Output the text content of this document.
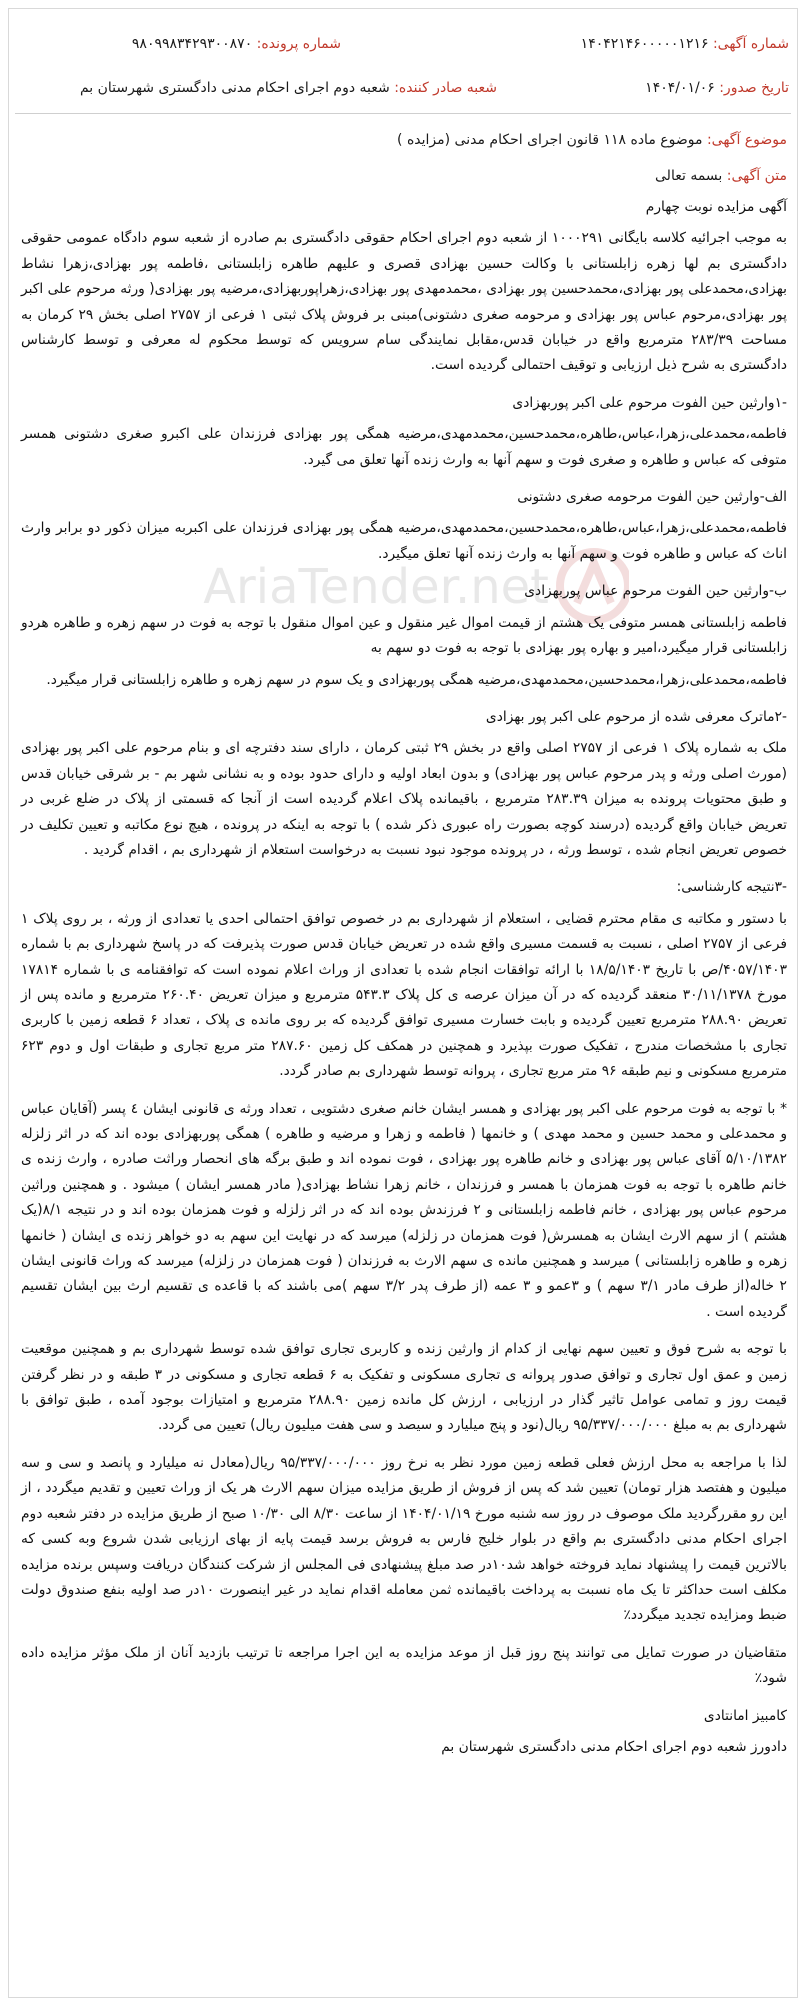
شماره آگهی: ۱۴۰۴۲۱۴۶۰۰۰۰۰۱۲۱۶
شماره پرونده: ۹۸۰۹۹۸۳۴۲۹۳۰۰۸۷۰
تاریخ صدور: ۱۴۰۴/۰۱/۰۶
شعبه صادر کننده: شعبه دوم اجرای احکام مدنی دادگستری شهرستان بم
موضوع آگهی: موضوع ماده ۱۱۸ قانون اجرای احکام مدنی (مزایده )
متن آگهی: بسمه تعالی
AriaTender.net

آگهی مزایده نوبت چهارم

به موجب اجرائیه کلاسه بایگانی ۱۰۰۰۲۹۱ از شعبه دوم اجرای احکام حقوقی دادگستری بم صادره از شعبه سوم دادگاه عمومی حقوقی دادگستری بم لها زهره زابلستانی با وکالت حسین بهزادی قصری و علیهم طاهره زابلستانی ،فاطمه پور بهزادی،زهرا نشاط بهزادی،محمدعلی پور بهزادی،محمدحسین پور بهزادی ،محمدمهدی پور بهزادی،زهراپوربهزادی،مرضیه پور بهزادی( ورثه مرحوم علی اکبر پور بهزادی،مرحوم عباس پور بهزادی و مرحومه صغری دشتونی)مبنی بر فروش پلاک ثبتی ۱ فرعی از ۲۷۵۷ اصلی بخش ۲۹ کرمان به مساحت ۲۸۳/۳۹ مترمربع واقع در خیابان قدس،مقابل نمایندگی سام سرویس که توسط محکوم له معرفی و توسط کارشناس دادگستری به شرح ذیل ارزیابی و توقیف احتمالی گردیده است.

-۱وارثین حین الفوت مرحوم علی اکبر پوربهزادی

فاطمه،محمدعلی،زهرا،عباس،طاهره،محمدحسین،محمدمهدی،مرضیه همگی پور بهزادی فرزندان علی اکبرو صغری دشتونی همسر متوفی که عباس و طاهره و صغری فوت و سهم آنها به وارث زنده آنها تعلق می گیرد.

الف-وارثین حین الفوت مرحومه صغری دشتونی

فاطمه،محمدعلی،زهرا،عباس،طاهره،محمدحسین،محمدمهدی،مرضیه همگی پور بهزادی فرزندان علی اکبربه میزان ذکور دو برابر وارث اناث که عباس و طاهره فوت و سهم آنها به وارث زنده آنها تعلق میگیرد.

ب-وارثین حین الفوت مرحوم عباس پوربهزادی

فاطمه زابلستانی همسر متوفی یک هشتم از قیمت اموال غیر منقول و عین اموال منقول با توجه به فوت در سهم زهره و طاهره هردو زابلستانی قرار میگیرد،امیر و بهاره پور بهزادی با توجه به فوت دو سهم به

فاطمه،محمدعلی،زهرا،محمدحسین،محمدمهدی،مرضیه همگی پوربهزادی و یک سوم در سهم زهره و طاهره زابلستانی قرار میگیرد.

-۲ماترک معرفی شده از مرحوم علی اکبر پور بهزادی

ملک به شماره پلاک ۱ فرعی از ۲۷۵۷ اصلی واقع در بخش ۲۹ ثبتی کرمان ، دارای سند دفترچه ای و بنام مرحوم علی اکبر پور بهزادی (مورث اصلی ورثه و پدر مرحوم عباس پور بهزادی) و بدون ابعاد اولیه و دارای حدود بوده و به نشانی شهر بم - بر شرقی خیابان قدس و طبق محتویات پرونده به میزان ۲۸۳.۳۹ مترمربع ، باقیمانده پلاک اعلام گردیده است از آنجا که قسمتی از پلاک در ضلع غربی در تعریض خیابان واقع گردیده (درسند کوچه بصورت راه عبوری ذکر شده ) با توجه به اینکه در پرونده ، هیچ نوع مکاتبه و تعیین تکلیف در خصوص تعریض انجام شده ، توسط ورثه ، در پرونده موجود نبود نسبت به درخواست استعلام از شهرداری بم ، اقدام گردید .

-۳نتیجه کارشناسی:

با دستور و مکاتبه ی مقام محترم قضایی ، استعلام از شهرداری بم در خصوص توافق احتمالی احدی یا تعدادی از ورثه ، بر روی پلاک ۱ فرعی از ۲۷۵۷ اصلی ، نسبت به قسمت مسیری واقع شده در تعریض خیابان قدس صورت پذیرفت که در پاسخ شهرداری بم با شماره ۴۰۵۷/۱۴۰۳/ص با تاریخ ۱۸/۵/۱۴۰۳ با ارائه توافقات انجام شده با تعدادی از وراث اعلام نموده است که توافقنامه ی با شماره ۱۷۸۱۴ مورخ ۳۰/۱۱/۱۳۷۸ منعقد گردیده که در آن میزان عرصه ی کل پلاک ۵۴۳.۳ مترمربع و میزان تعریض ۲۶۰.۴۰ مترمربع و مانده پس از تعریض ۲۸۸.۹۰ مترمربع تعیین گردیده و بابت خسارت مسیری توافق گردیده که بر روی مانده ی پلاک ، تعداد ۶ قطعه زمین با کاربری تجاری با مشخصات مندرج ، تفکیک صورت بپذیرد و همچنین در همکف کل زمین ۲۸۷.۶۰ متر مربع تجاری و طبقات اول و دوم ۶۲۳ مترمربع مسکونی و نیم طبقه ۹۶ متر مربع تجاری ، پروانه توسط شهرداری بم صادر گردد.

* با توجه به فوت مرحوم علی اکبر پور بهزادی و همسر ایشان خانم صغری دشتویی ، تعداد ورثه ی قانونی ایشان ٤ پسر (آقایان عباس و محمدعلی و محمد حسین و محمد مهدی ) و خانمها ( فاطمه و زهرا و مرضیه و طاهره ) همگی پوربهزادی بوده اند که در اثر زلزله ۵/۱۰/۱۳۸۲ آقای عباس پور بهزادی و خانم طاهره پور بهزادی ، فوت نموده اند و طبق برگه های انحصار وراثت صادره ، وارث زنده ی خانم طاهره با توجه به فوت همزمان با همسر و فرزندان ، خانم زهرا نشاط بهزادی( مادر همسر ایشان ) میشود . و همچنین وراثین مرحوم عباس پور بهزادی ، خانم فاطمه زابلستانی و ۲ فرزندش بوده اند که در اثر زلزله و فوت همزمان بوده اند و در نتیجه ۸/۱(یک هشتم ) از سهم الارث ایشان به همسرش( فوت همزمان در زلزله) میرسد که در نهایت این سهم به دو خواهر زنده ی ایشان ( خانمها زهره و طاهره زابلستانی ) میرسد و همچنین مانده ی سهم الارث به فرزندان ( فوت همزمان در زلزله) میرسد که وراث قانونی ایشان ۲ خاله(از طرف مادر ۳/۱ سهم ) و ۳عمو و ۳ عمه (از طرف پدر ۳/۲ سهم )می باشند که با قاعده ی تقسیم ارث بین ایشان تقسیم گردیده است .

با توجه به شرح فوق و تعیین سهم نهایی از کدام از وارثین زنده و کاربری تجاری توافق شده توسط شهرداری بم و همچنین موقعیت زمین و عمق اول تجاری و توافق صدور پروانه ی تجاری مسکونی و تفکیک به ۶ قطعه تجاری و مسکونی در ۳ طبقه و در نظر گرفتن قیمت روز و تمامی عوامل تاثیر گذار در ارزیابی ، ارزش کل مانده زمین ۲۸۸.۹۰ مترمربع و امتیازات بوجود آمده ، طبق توافق با شهرداری بم به مبلغ ۹۵/۳۳۷/۰۰۰/۰۰۰ ریال(نود و پنج میلیارد و سیصد و سی هفت میلیون ریال) تعیین می گردد.

لذا با مراجعه به محل ارزش فعلی قطعه زمین مورد نظر به نرخ روز ۹۵/۳۳۷/۰۰۰/۰۰۰ ریال(معادل نه میلیارد و پانصد و سی و سه میلیون و هفتصد هزار تومان) تعیین شد که پس از فروش از طریق مزایده میزان سهم الارث هر یک از وراث تعیین و تقدیم میگردد ، از این رو مقررگردید ملک موصوف در روز سه شنبه مورخ ۱۴۰۴/۰۱/۱۹ از ساعت ۸/۳۰ الی ۱۰/۳۰ صبح از طریق مزایده در دفتر شعبه دوم اجرای احکام مدنی دادگستری بم واقع در بلوار خلیج فارس به فروش برسد قیمت پایه از بهای ارزیابی شدن شروع وبه کسی که بالاترین قیمت را پیشنهاد نماید فروخته خواهد شد۱۰در صد مبلغ پیشنهادی فی المجلس از شرکت کنندگان دریافت وسپس برنده مزایده مکلف است حداکثر تا یک ماه نسبت به پرداخت باقیمانده ثمن معامله اقدام نماید در غیر اینصورت ۱۰در صد اولیه بنفع صندوق دولت ضبط ومزایده تجدید میگردد٪

متقاضیان در صورت تمایل می توانند پنج روز قبل از موعد مزایده به این اجرا مراجعه تا ترتیب بازدید آنان از ملک مؤثر مزایده داده شود٪

کامبیز امانتادی

دادورز شعبه دوم اجرای احکام مدنی دادگستری شهرستان بم
